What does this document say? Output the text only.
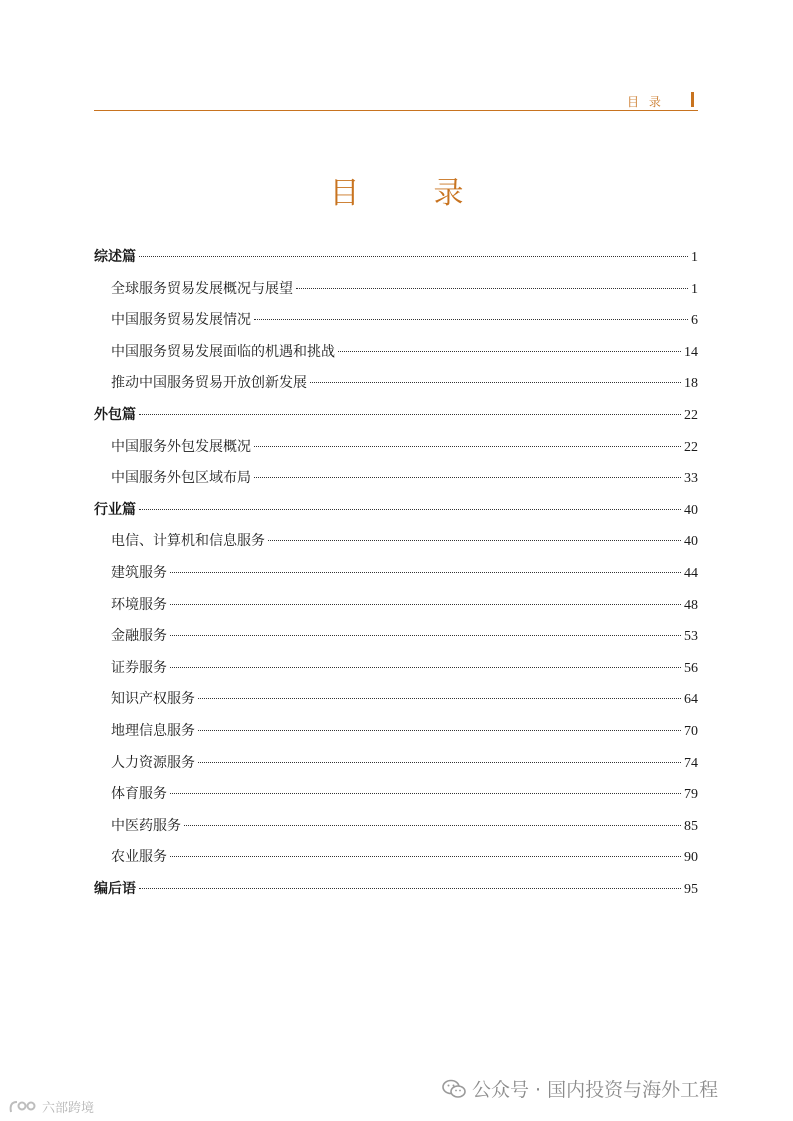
目 录
目　录
综述篇	1
全球服务贸易发展概况与展望	1
中国服务贸易发展情况	6
中国服务贸易发展面临的机遇和挑战	14
推动中国服务贸易开放创新发展	18
外包篇	22
中国服务外包发展概况	22
中国服务外包区域布局	33
行业篇	40
电信、计算机和信息服务	40
建筑服务	44
环境服务	48
金融服务	53
证券服务	56
知识产权服务	64
地理信息服务	70
人力资源服务	74
体育服务	79
中医药服务	85
农业服务	90
编后语	95
公众号 · 国内投资与海外工程
六部跨境
